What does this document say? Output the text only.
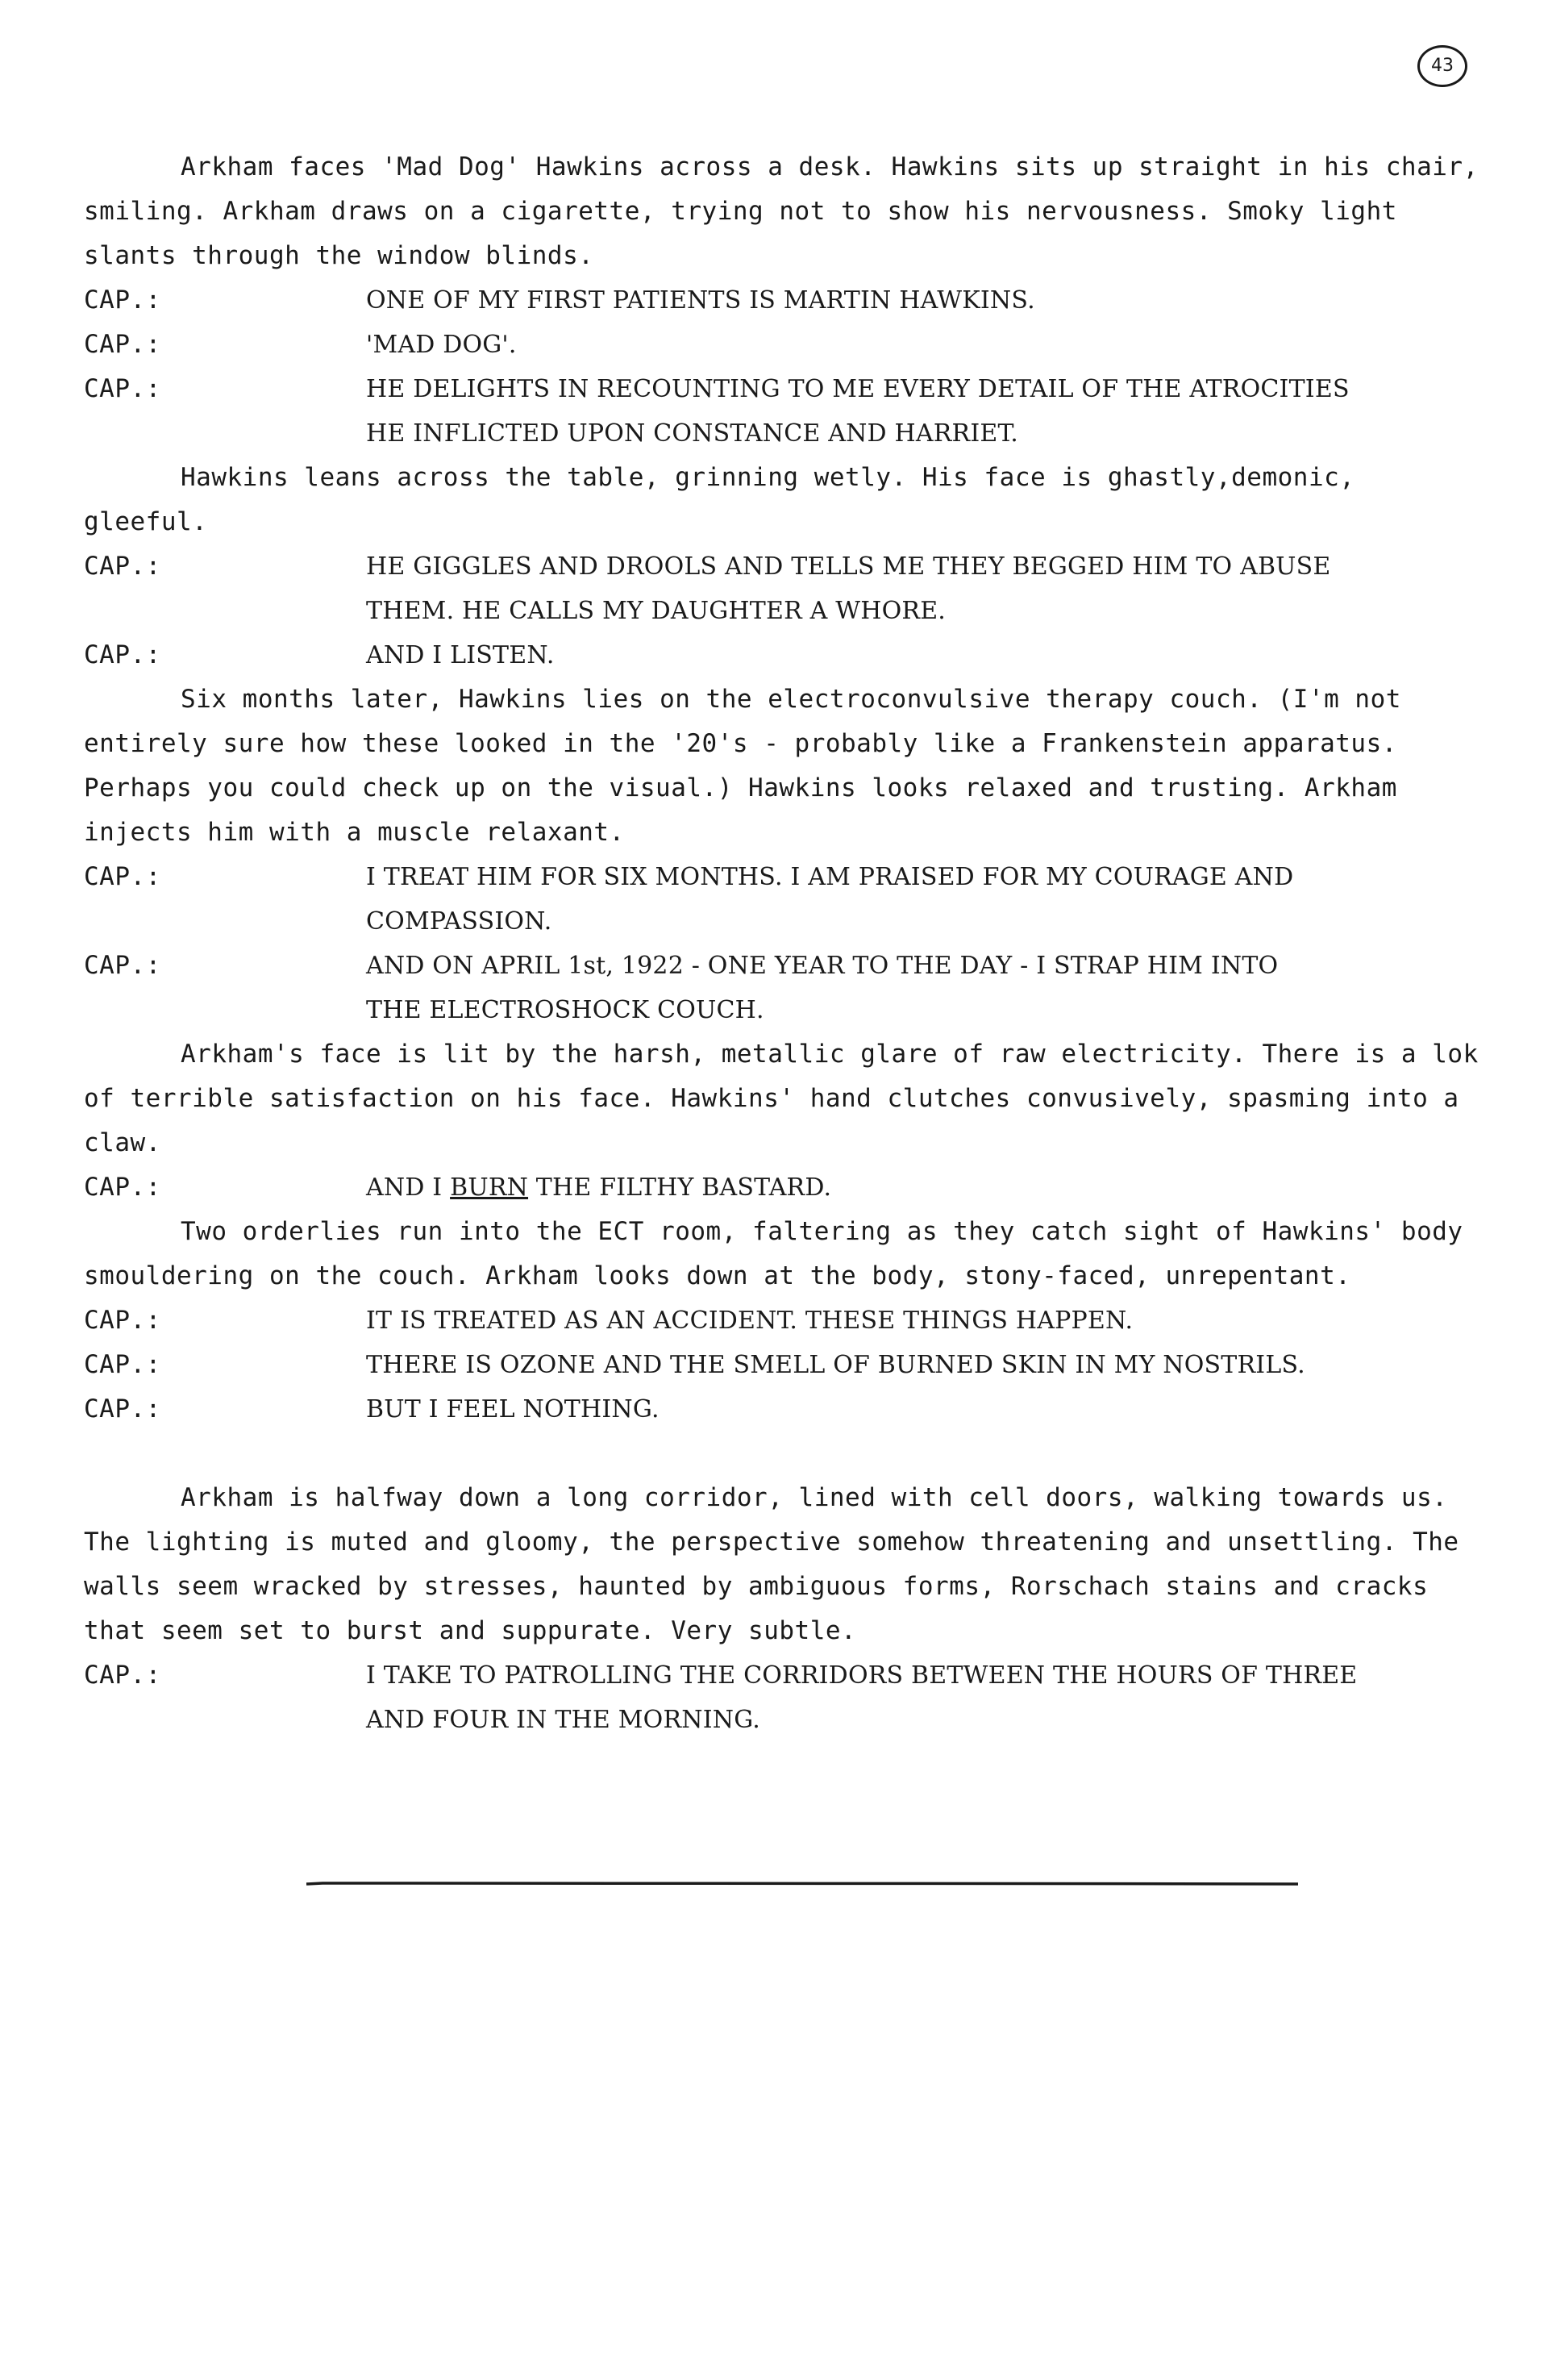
43

Arkham faces 'Mad Dog' Hawkins across a desk. Hawkins sits up straight in his chair, smiling. Arkham draws on a cigarette, trying not to show his nervousness. Smoky light slants through the window blinds.

CAP.:	ONE OF MY FIRST PATIENTS IS MARTIN HAWKINS.
CAP.:	'MAD DOG'.
CAP.:	HE DELIGHTS IN RECOUNTING TO ME EVERY DETAIL OF THE ATROCITIES
HE INFLICTED UPON CONSTANCE AND HARRIET.

Hawkins leans across the table, grinning wetly. His face is ghastly,demonic, gleeful.

CAP.:	HE GIGGLES AND DROOLS AND TELLS ME THEY BEGGED HIM TO ABUSE
THEM. HE CALLS MY DAUGHTER A WHORE.
CAP.:	AND I LISTEN.

Six months later, Hawkins lies on the electroconvulsive therapy couch. (I'm not entirely sure how these looked in the '20's - probably like a Frankenstein apparatus. Perhaps you could check up on the visual.) Hawkins looks relaxed and trusting. Arkham injects him with a muscle relaxant.

CAP.:	I TREAT HIM FOR SIX MONTHS. I AM PRAISED FOR MY COURAGE AND
COMPASSION.
CAP.:	AND ON APRIL 1st, 1922 - ONE YEAR TO THE DAY - I STRAP HIM INTO
THE ELECTROSHOCK COUCH.

Arkham's face is lit by the harsh, metallic glare of raw electricity. There is a lok of terrible satisfaction on his face. Hawkins' hand clutches convusively, spasming into a claw.

CAP.:	AND I BURN THE FILTHY BASTARD.

Two orderlies run into the ECT room, faltering as they catch sight of Hawkins' body smouldering on the couch. Arkham looks down at the body, stony-faced, unrepentant.

CAP.:	IT IS TREATED AS AN ACCIDENT. THESE THINGS HAPPEN.
CAP.:	THERE IS OZONE AND THE SMELL OF BURNED SKIN IN MY NOSTRILS.
CAP.:	BUT I FEEL NOTHING.

Arkham is halfway down a long corridor, lined with cell doors, walking towards us. The lighting is muted and gloomy, the perspective somehow threatening and unsettling. The walls seem wracked by stresses, haunted by ambiguous forms, Rorschach stains and cracks that seem set to burst and suppurate. Very subtle.

CAP.:	I TAKE TO PATROLLING THE CORRIDORS BETWEEN THE HOURS OF THREE
AND FOUR IN THE MORNING.
